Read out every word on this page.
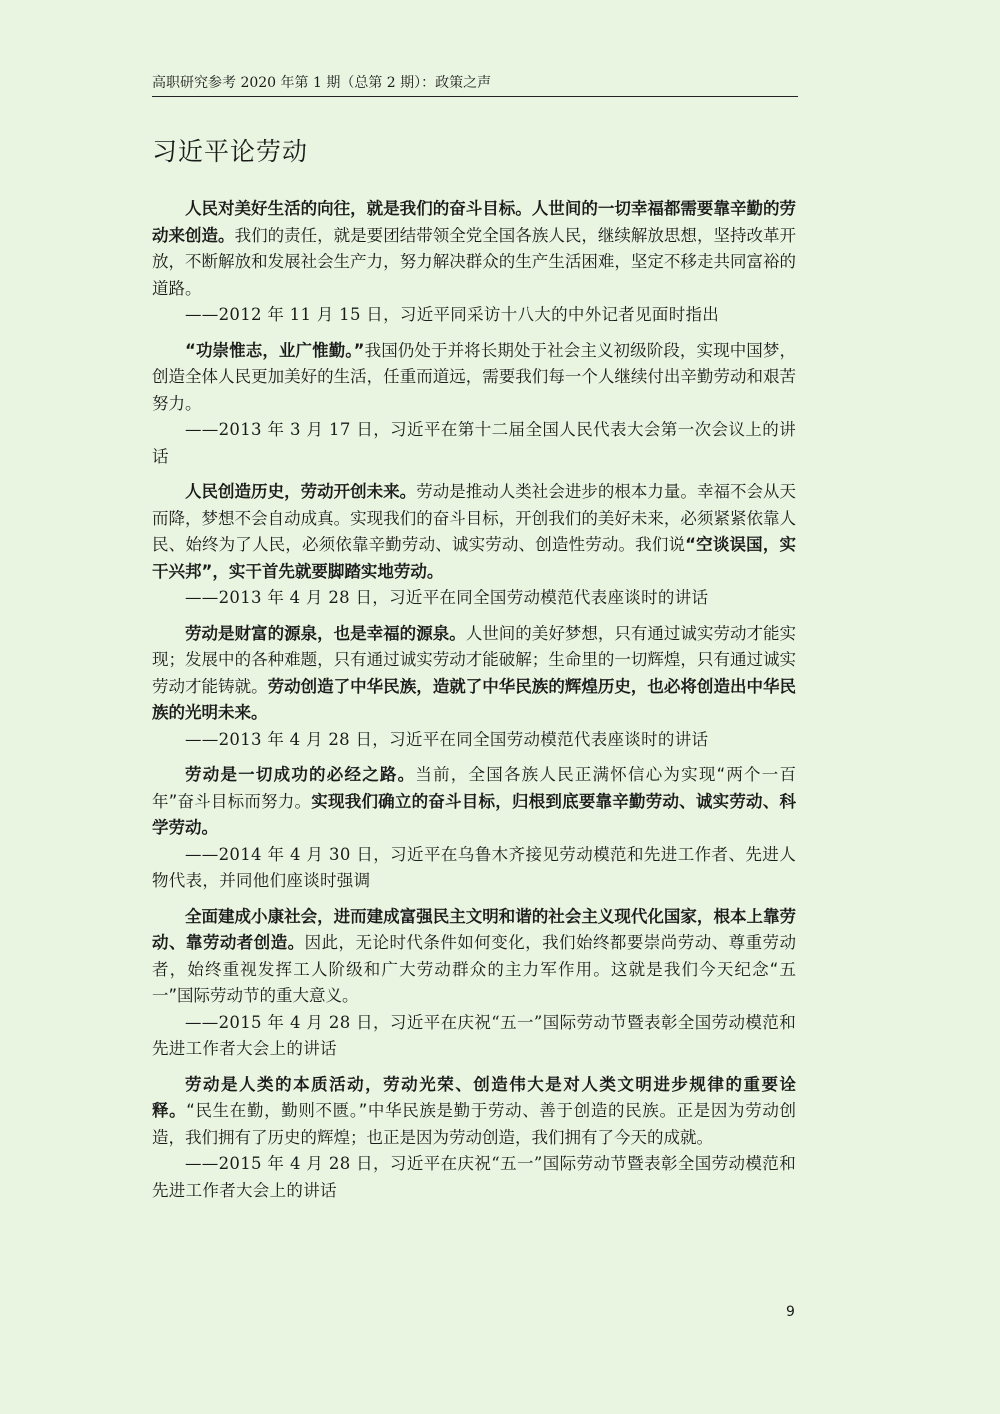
高职研究参考 2020 年第 1 期（总第 2 期）：政策之声
习近平论劳动

人民对美好生活的向往，就是我们的奋斗目标。人世间的一切幸福都需要靠辛勤的劳动来创造。我们的责任，就是要团结带领全党全国各族人民，继续解放思想，坚持改革开放，不断解放和发展社会生产力，努力解决群众的生产生活困难，坚定不移走共同富裕的道路。

——2012 年 11 月 15 日，习近平同采访十八大的中外记者见面时指出

“功崇惟志，业广惟勤。”我国仍处于并将长期处于社会主义初级阶段，实现中国梦，创造全体人民更加美好的生活，任重而道远，需要我们每一个人继续付出辛勤劳动和艰苦努力。

——2013 年 3 月 17 日，习近平在第十二届全国人民代表大会第一次会议上的讲话

人民创造历史，劳动开创未来。劳动是推动人类社会进步的根本力量。幸福不会从天而降，梦想不会自动成真。实现我们的奋斗目标，开创我们的美好未来，必须紧紧依靠人民、始终为了人民，必须依靠辛勤劳动、诚实劳动、创造性劳动。我们说“空谈误国，实干兴邦”，实干首先就要脚踏实地劳动。

——2013 年 4 月 28 日，习近平在同全国劳动模范代表座谈时的讲话

劳动是财富的源泉，也是幸福的源泉。人世间的美好梦想，只有通过诚实劳动才能实现；发展中的各种难题，只有通过诚实劳动才能破解；生命里的一切辉煌，只有通过诚实劳动才能铸就。劳动创造了中华民族，造就了中华民族的辉煌历史，也必将创造出中华民族的光明未来。

——2013 年 4 月 28 日，习近平在同全国劳动模范代表座谈时的讲话

劳动是一切成功的必经之路。当前，全国各族人民正满怀信心为实现“两个一百年”奋斗目标而努力。实现我们确立的奋斗目标，归根到底要靠辛勤劳动、诚实劳动、科学劳动。

——2014 年 4 月 30 日，习近平在乌鲁木齐接见劳动模范和先进工作者、先进人物代表，并同他们座谈时强调

全面建成小康社会，进而建成富强民主文明和谐的社会主义现代化国家，根本上靠劳动、靠劳动者创造。因此，无论时代条件如何变化，我们始终都要崇尚劳动、尊重劳动者，始终重视发挥工人阶级和广大劳动群众的主力军作用。这就是我们今天纪念“五一”国际劳动节的重大意义。

——2015 年 4 月 28 日，习近平在庆祝“五一”国际劳动节暨表彰全国劳动模范和先进工作者大会上的讲话

劳动是人类的本质活动，劳动光荣、创造伟大是对人类文明进步规律的重要诠释。“民生在勤，勤则不匮。”中华民族是勤于劳动、善于创造的民族。正是因为劳动创造，我们拥有了历史的辉煌；也正是因为劳动创造，我们拥有了今天的成就。

——2015 年 4 月 28 日，习近平在庆祝“五一”国际劳动节暨表彰全国劳动模范和先进工作者大会上的讲话

9
